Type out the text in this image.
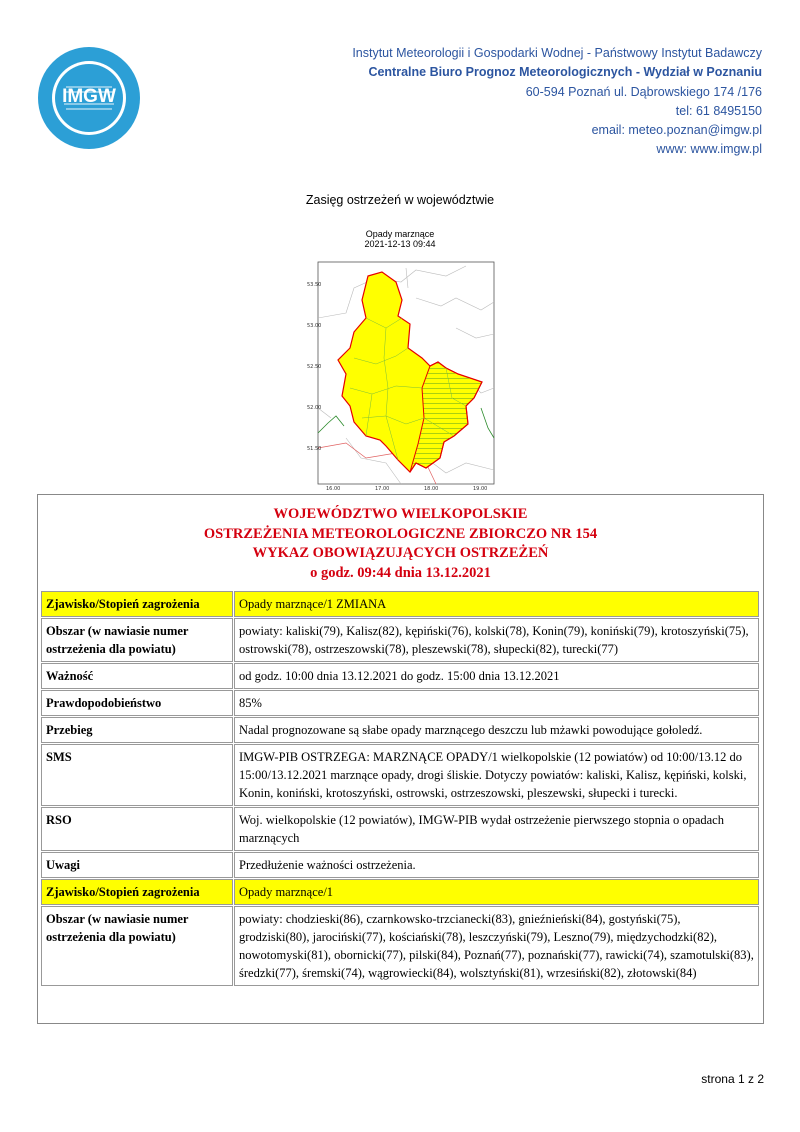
IMGW
Instytut Meteorologii i Gospodarki Wodnej - Państwowy Instytut Badawczy
Centralne Biuro Prognoz Meteorologicznych - Wydział w Poznaniu
60-594 Poznań ul. Dąbrowskiego 174 /176
tel: 61 8495150
email: meteo.poznan@imgw.pl
www: www.imgw.pl
Zasięg ostrzeżeń w województwie
Opady marznące
2021-12-13 09:44
53.50
53.00
52.50
52.00
51.50
16.00	17.00	18.00	19.00
WOJEWÓDZTWO WIELKOPOLSKIE
OSTRZEŻENIA METEOROLOGICZNE ZBIORCZO NR 154
WYKAZ OBOWIĄZUJĄCYCH OSTRZEŻEŃ
o godz. 09:44 dnia 13.12.2021
Zjawisko/Stopień zagrożenia	Opady marznące/1 ZMIANA
Obszar (w nawiasie numer ostrzeżenia dla powiatu)	powiaty: kaliski(79), Kalisz(82), kępiński(76), kolski(78), Konin(79), koniński(79), krotoszyński(75), ostrowski(78), ostrzeszowski(78), pleszewski(78), słupecki(82), turecki(77)
Ważność	od godz. 10:00 dnia 13.12.2021 do godz. 15:00 dnia 13.12.2021
Prawdopodobieństwo	85%
Przebieg	Nadal prognozowane są słabe opady marznącego deszczu lub mżawki powodujące gołoledź.
SMS	IMGW-PIB OSTRZEGA: MARZNĄCE OPADY/1 wielkopolskie (12 powiatów) od 10:00/13.12 do 15:00/13.12.2021 marznące opady, drogi śliskie. Dotyczy powiatów: kaliski, Kalisz, kępiński, kolski, Konin, koniński, krotoszyński, ostrowski, ostrzeszowski, pleszewski, słupecki i turecki.
RSO	Woj. wielkopolskie (12 powiatów), IMGW-PIB wydał ostrzeżenie pierwszego stopnia o opadach marznących
Uwagi	Przedłużenie ważności ostrzeżenia.
Zjawisko/Stopień zagrożenia	Opady marznące/1
Obszar (w nawiasie numer ostrzeżenia dla powiatu)	powiaty: chodzieski(86), czarnkowsko-trzcianecki(83), gnieźnieński(84), gostyński(75), grodziski(80), jarociński(77), kościański(78), leszczyński(79), Leszno(79), międzychodzki(82), nowotomyski(81), obornicki(77), pilski(84), Poznań(77), poznański(77), rawicki(74), szamotulski(83), średzki(77), śremski(74), wągrowiecki(84), wolsztyński(81), wrzesiński(82), złotowski(84)
strona 1 z 2
